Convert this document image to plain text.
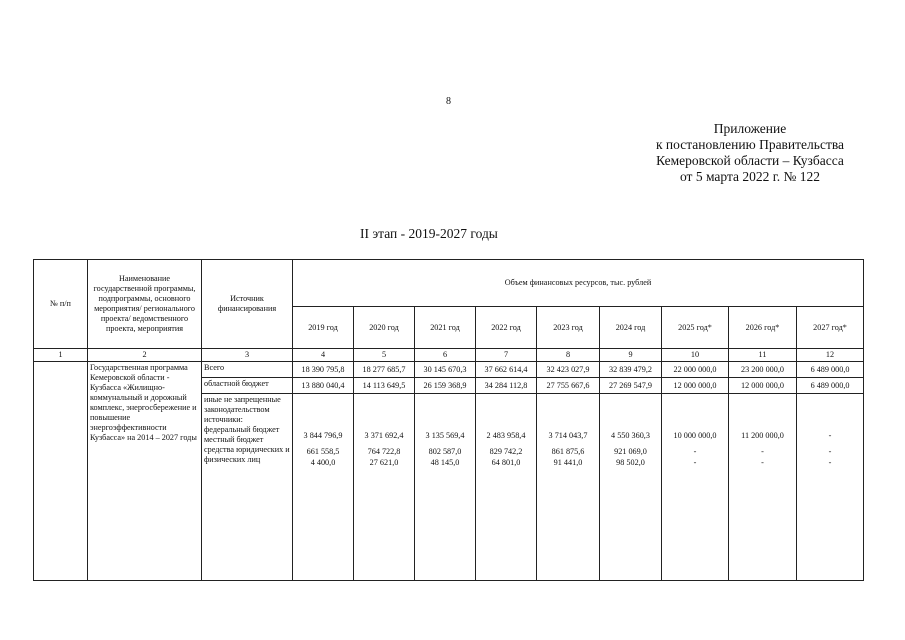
8
Приложение
к постановлению Правительства
Кемеровской области – Кузбасса
от 5 марта 2022 г. № 122
II этап - 2019-2027 годы
№ п/п	Наименование государственной программы, подпрограммы, основного мероприятия/ регионального проекта/ ведомственного проекта, мероприятия	Источник финансирования	Объем финансовых ресурсов, тыс. рублей								
			2019 год	2020 год	2021 год	2022 год	2023 год	2024 год	2025 год*	2026 год*	2027 год*
1	2	3	4	5	6	7	8	9	10	11	12
	Государственная программа Кемеровской области - Кузбасса «Жилищно-коммунальный и дорожный комплекс, энергосбережение и повышение энергоэффективности Кузбасса» на 2014 – 2027 годы	Всего	18 390 795,8	18 277 685,7	30 145 670,3	37 662 614,4	32 423 027,9	32 839 479,2	22 000 000,0	23 200 000,0	6 489 000,0
		областной бюджет	13 880 040,4	14 113 649,5	26 159 368,9	34 284 112,8	27 755 667,6	27 269 547,9	12 000 000,0	12 000 000,0	6 489 000,0

		иные не запрещенные законодательством источники:
федеральный бюджет
местный бюджет
средства юридических и физических лиц	3 844 796,9
661 558,5
4 400,0	3 371 692,4
764 722,8
27 621,0	3 135 569,4
802 587,0
48 145,0	2 483 958,4
829 742,2
64 801,0	3 714 043,7
861 875,6
91 441,0	4 550 360,3
921 069,0
98 502,0	10 000 000,0
-
-	11 200 000,0
-
-	-
-
-
